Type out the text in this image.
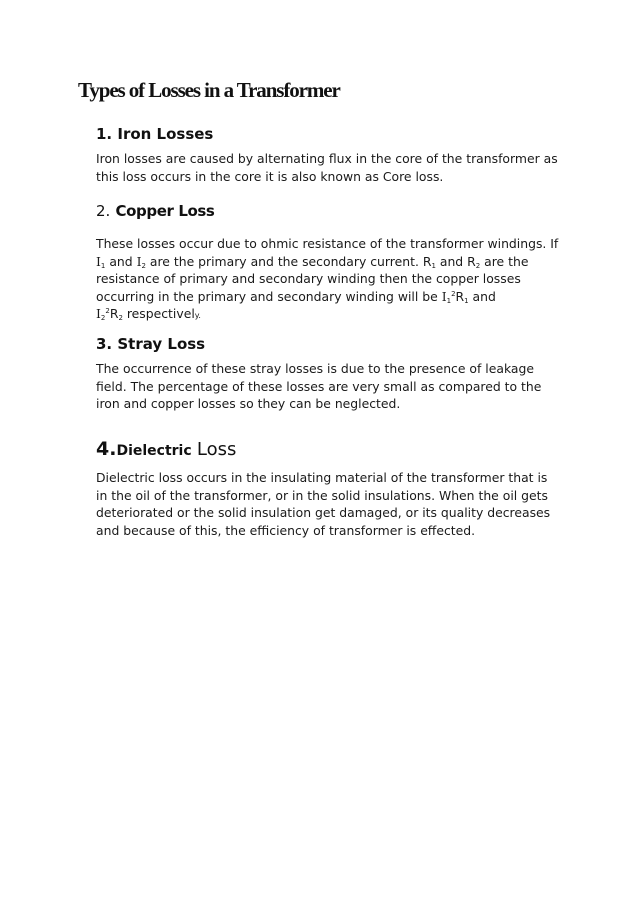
Types of Losses in a Transformer
1. Iron Losses

Iron losses are caused by alternating flux in the core of the transformer as
this loss occurs in the core it is also known as Core loss.

2. Copper Loss

These losses occur due to ohmic resistance of the transformer windings. If
$I_1$ and $I_2$ are the primary and the secondary current. $R_1$ and $R_2$ are the
resistance of primary and secondary winding then the copper losses
occurring in the primary and secondary winding will be $I_1^2R_1$ and
$I_2^2R_2$ respectively.

3. Stray Loss

The occurrence of these stray losses is due to the presence of leakage
field. The percentage of these losses are very small as compared to the
iron and copper losses so they can be neglected.

4.Dielectric Loss

Dielectric loss occurs in the insulating material of the transformer that is
in the oil of the transformer, or in the solid insulations. When the oil gets
deteriorated or the solid insulation get damaged, or its quality decreases
and because of this, the efficiency of transformer is effected.
